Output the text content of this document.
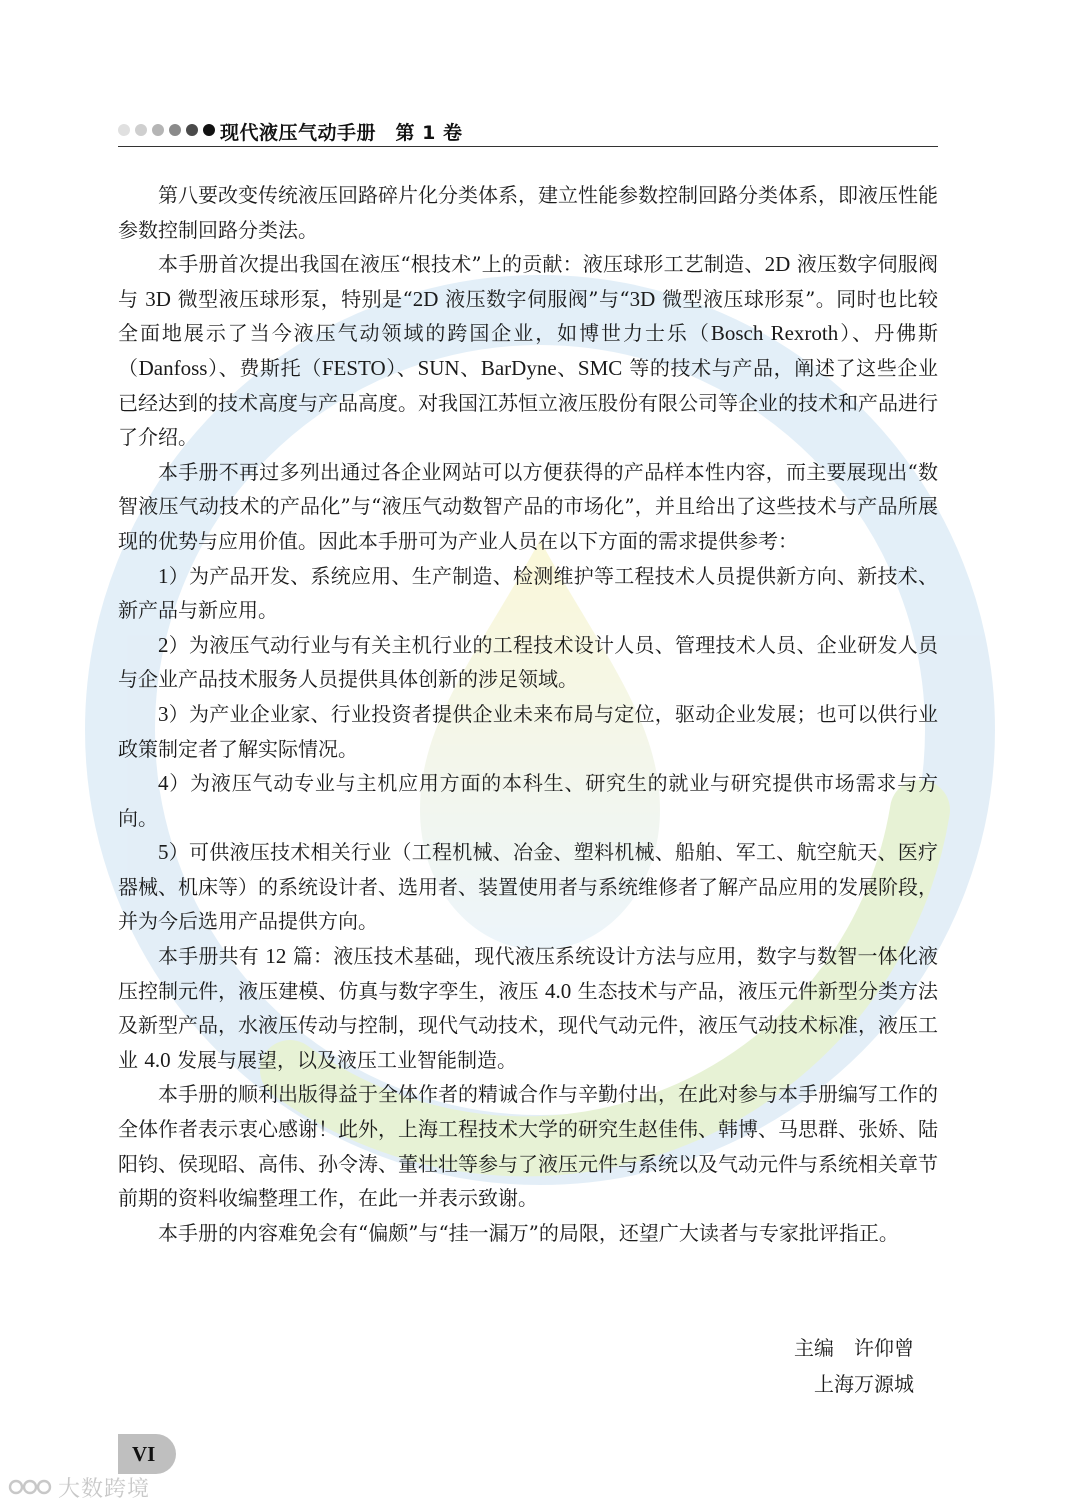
现代液压气动手册　第 1 卷

第八要改变传统液压回路碎片化分类体系，建立性能参数控制回路分类体系，即液压性能参数控制回路分类法。

本手册首次提出我国在液压“根技术”上的贡献：液压球形工艺制造、2D 液压数字伺服阀与 3D 微型液压球形泵，特别是“2D 液压数字伺服阀”与“3D 微型液压球形泵”。同时也比较全面地展示了当今液压气动领域的跨国企业，如博世力士乐（Bosch Rexroth）、丹佛斯（Danfoss）、费斯托（FESTO）、SUN、BarDyne、SMC 等的技术与产品，阐述了这些企业已经达到的技术高度与产品高度。对我国江苏恒立液压股份有限公司等企业的技术和产品进行了介绍。

本手册不再过多列出通过各企业网站可以方便获得的产品样本性内容，而主要展现出“数智液压气动技术的产品化”与“液压气动数智产品的市场化”，并且给出了这些技术与产品所展现的优势与应用价值。因此本手册可为产业人员在以下方面的需求提供参考：

1）为产品开发、系统应用、生产制造、检测维护等工程技术人员提供新方向、新技术、新产品与新应用。

2）为液压气动行业与有关主机行业的工程技术设计人员、管理技术人员、企业研发人员与企业产品技术服务人员提供具体创新的涉足领域。

3）为产业企业家、行业投资者提供企业未来布局与定位，驱动企业发展；也可以供行业政策制定者了解实际情况。

4）为液压气动专业与主机应用方面的本科生、研究生的就业与研究提供市场需求与方向。

5）可供液压技术相关行业（工程机械、冶金、塑料机械、船舶、军工、航空航天、医疗器械、机床等）的系统设计者、选用者、装置使用者与系统维修者了解产品应用的发展阶段，并为今后选用产品提供方向。

本手册共有 12 篇：液压技术基础，现代液压系统设计方法与应用，数字与数智一体化液压控制元件，液压建模、仿真与数字孪生，液压 4.0 生态技术与产品，液压元件新型分类方法及新型产品，水液压传动与控制，现代气动技术，现代气动元件，液压气动技术标准，液压工业 4.0 发展与展望，以及液压工业智能制造。

本手册的顺利出版得益于全体作者的精诚合作与辛勤付出，在此对参与本手册编写工作的全体作者表示衷心感谢！此外，上海工程技术大学的研究生赵佳伟、韩博、马思群、张娇、陆阳钧、侯现昭、高伟、孙令涛、董壮壮等参与了液压元件与系统以及气动元件与系统相关章节前期的资料收编整理工作，在此一并表示致谢。

本手册的内容难免会有“偏颇”与“挂一漏万”的局限，还望广大读者与专家批评指正。

主编　许仰曾
上海万源城
VI
大数跨境
